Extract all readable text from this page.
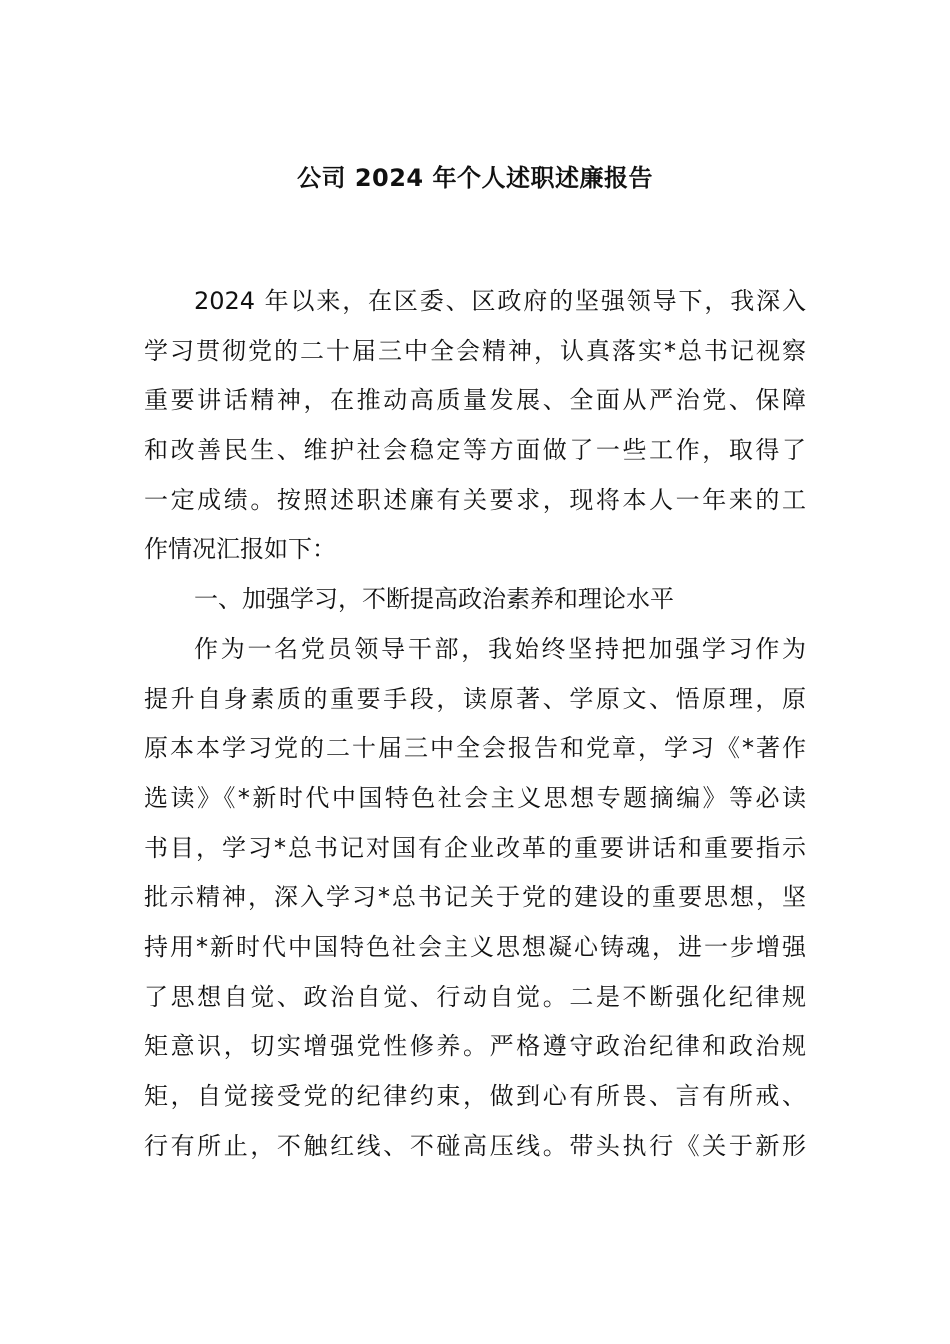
公司 2024 年个人述职述廉报告
2024 年以来，在区委、区政府的坚强领导下，我深入
学习贯彻党的二十届三中全会精神，认真落实*总书记视察
重要讲话精神，在推动高质量发展、全面从严治党、保障
和改善民生、维护社会稳定等方面做了一些工作，取得了
一定成绩。按照述职述廉有关要求，现将本人一年来的工
作情况汇报如下：
一、加强学习，不断提高政治素养和理论水平
作为一名党员领导干部，我始终坚持把加强学习作为
提升自身素质的重要手段，读原著、学原文、悟原理，原
原本本学习党的二十届三中全会报告和党章，学习《*著作
选读》《*新时代中国特色社会主义思想专题摘编》等必读
书目，学习*总书记对国有企业改革的重要讲话和重要指示
批示精神，深入学习*总书记关于党的建设的重要思想，坚
持用*新时代中国特色社会主义思想凝心铸魂，进一步增强
了思想自觉、政治自觉、行动自觉。二是不断强化纪律规
矩意识，切实增强党性修养。严格遵守政治纪律和政治规
矩，自觉接受党的纪律约束，做到心有所畏、言有所戒、
行有所止，不触红线、不碰高压线。带头执行《关于新形
